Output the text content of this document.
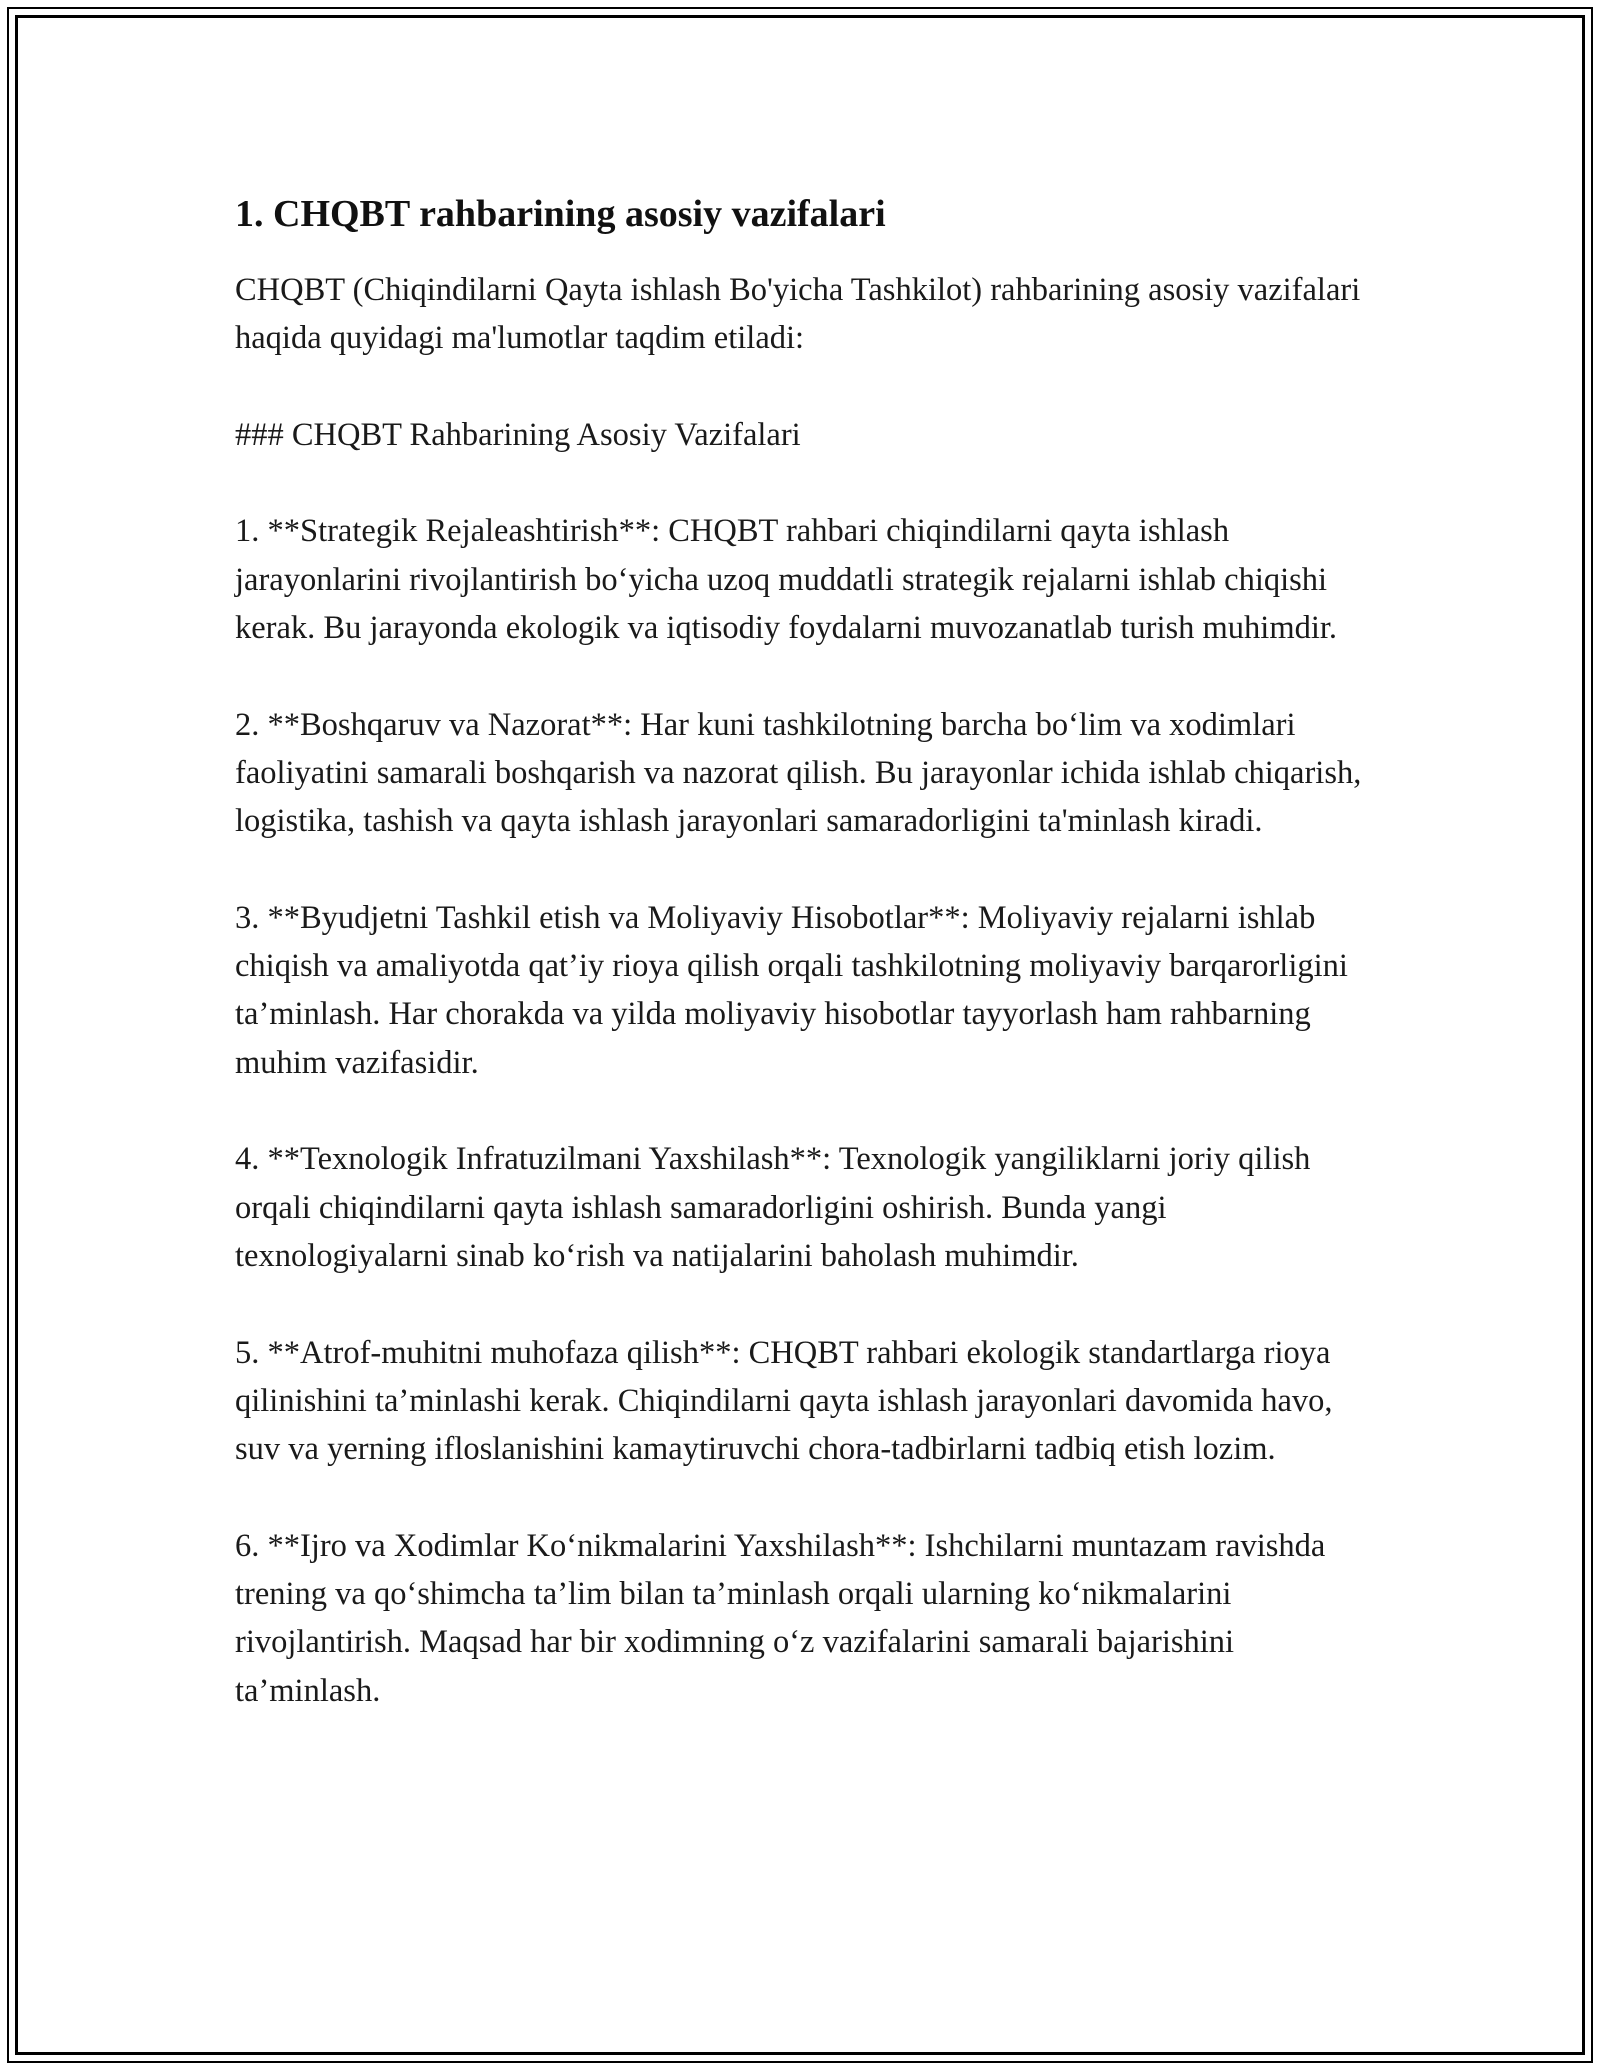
1. CHQBT rahbarining asosiy vazifalari

CHQBT (Chiqindilarni Qayta ishlash Bo'yicha Tashkilot) rahbarining asosiy vazifalari haqida quyidagi ma'lumotlar taqdim etiladi:

### CHQBT Rahbarining Asosiy Vazifalari

1. **Strategik Rejaleashtirish**: CHQBT rahbari chiqindilarni qayta ishlash jarayonlarini rivojlantirish bo‘yicha uzoq muddatli strategik rejalarni ishlab chiqishi kerak. Bu jarayonda ekologik va iqtisodiy foydalarni muvozanatlab turish muhimdir.

2. **Boshqaruv va Nazorat**: Har kuni tashkilotning barcha bo‘lim va xodimlari faoliyatini samarali boshqarish va nazorat qilish. Bu jarayonlar ichida ishlab chiqarish, logistika, tashish va qayta ishlash jarayonlari samaradorligini ta'minlash kiradi.

3. **Byudjetni Tashkil etish va Moliyaviy Hisobotlar**: Moliyaviy rejalarni ishlab chiqish va amaliyotda qat’iy rioya qilish orqali tashkilotning moliyaviy barqarorligini ta’minlash. Har chorakda va yilda moliyaviy hisobotlar tayyorlash ham rahbarning muhim vazifasidir.

4. **Texnologik Infratuzilmani Yaxshilash**: Texnologik yangiliklarni joriy qilish orqali chiqindilarni qayta ishlash samaradorligini oshirish. Bunda yangi texnologiyalarni sinab ko‘rish va natijalarini baholash muhimdir.

5. **Atrof-muhitni muhofaza qilish**: CHQBT rahbari ekologik standartlarga rioya qilinishini ta’minlashi kerak. Chiqindilarni qayta ishlash jarayonlari davomida havo, suv va yerning ifloslanishini kamaytiruvchi chora-tadbirlarni tadbiq etish lozim.

6. **Ijro va Xodimlar Ko‘nikmalarini Yaxshilash**: Ishchilarni muntazam ravishda trening va qo‘shimcha ta’lim bilan ta’minlash orqali ularning ko‘nikmalarini rivojlantirish. Maqsad har bir xodimning o‘z vazifalarini samarali bajarishini ta’minlash.
